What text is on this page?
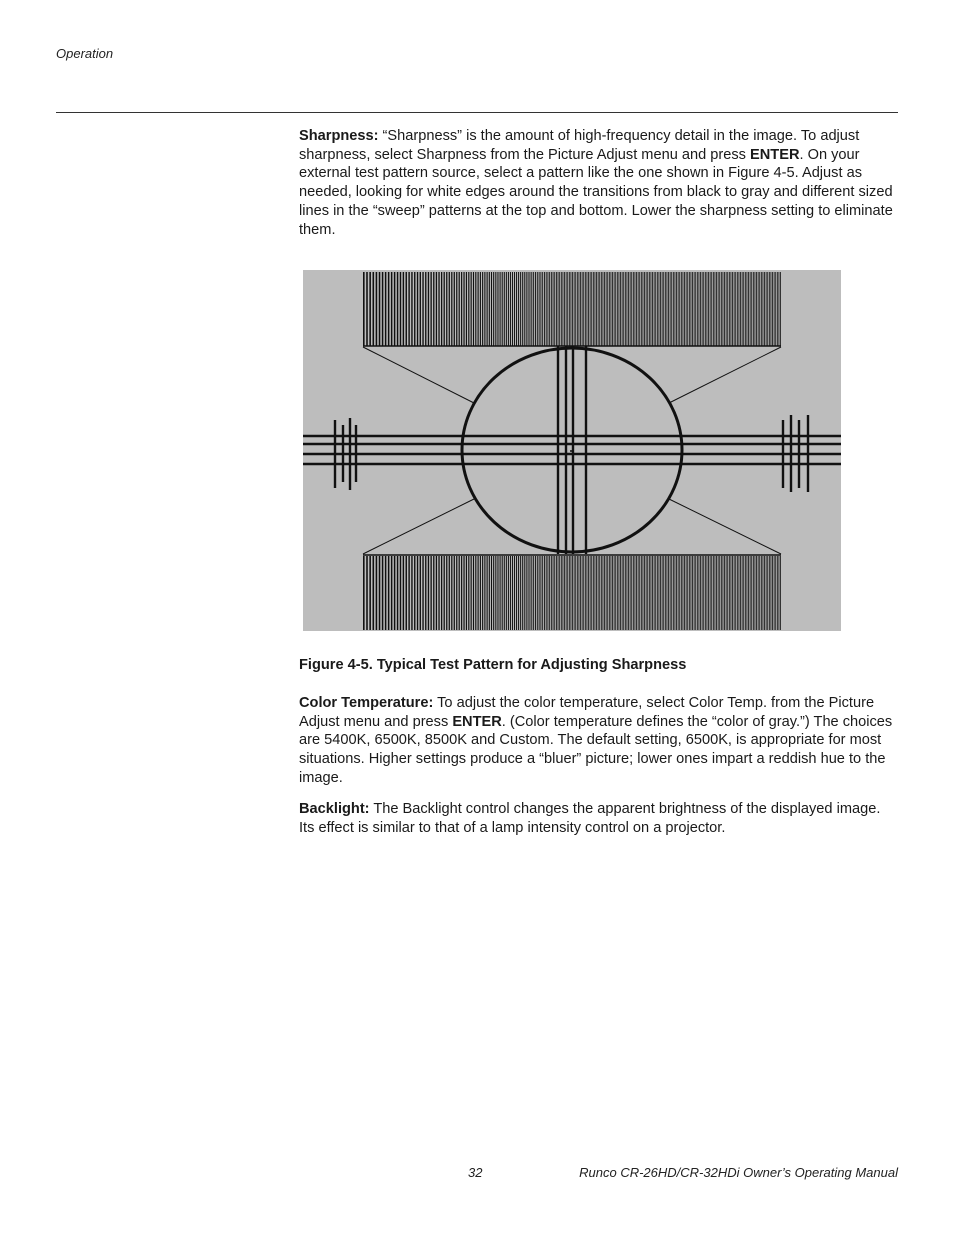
Operation

Sharpness: “Sharpness” is the amount of high-frequency detail in the image. To adjust sharpness, select Sharpness from the Picture Adjust menu and press ENTER. On your external test pattern source, select a pattern like the one shown in Figure 4-5. Adjust as needed, looking for white edges around the transitions from black to gray and different sized lines in the “sweep” patterns at the top and bottom. Lower the sharpness setting to eliminate them.

Figure 4-5. Typical Test Pattern for Adjusting Sharpness

Color Temperature: To adjust the color temperature, select Color Temp. from the Picture Adjust menu and press ENTER. (Color temperature defines the “color of gray.”) The choices are 5400K, 6500K, 8500K and Custom. The default setting, 6500K, is appropriate for most situations. Higher settings produce a “bluer” picture; lower ones impart a reddish hue to the image.

Backlight: The Backlight control changes the apparent brightness of the displayed image. Its effect is similar to that of a lamp intensity control on a projector.

32	Runco CR-26HD/CR-32HDi Owner’s Operating Manual
